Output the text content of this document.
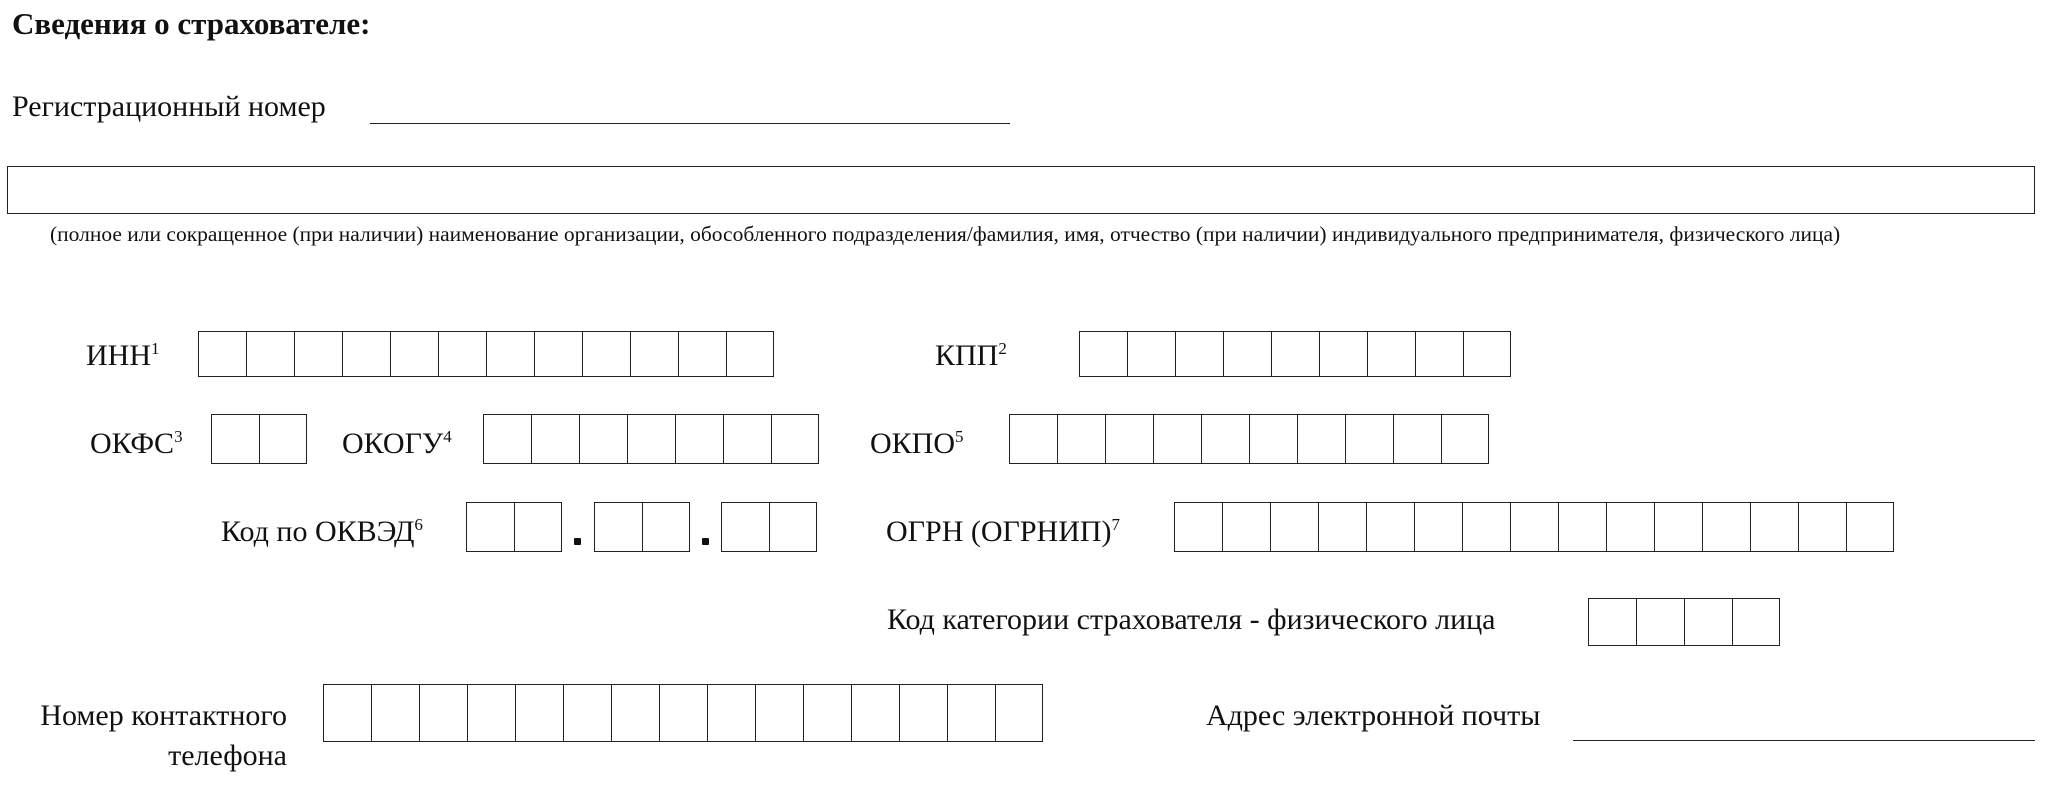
Сведения о страхователе:
Регистрационный номер
(полное или сокращенное (при наличии) наименование организации, обособленного подразделения/фамилия, имя, отчество (при наличии) индивидуального предпринимателя, физического лица)
ИНН$^1$	КПП$^2$
ОКФС$^3$	ОКОГУ$^4$	ОКПО$^5$
Код по ОКВЭД$^6$	ОГРН (ОГРНИП)$^7$
Код категории страхователя - физического лица
Номер контактного
телефона
Адрес электронной почты
